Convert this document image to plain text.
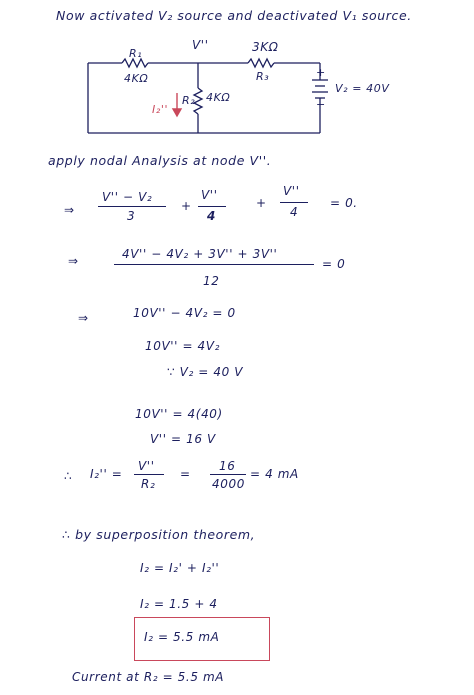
Now activated V₂ source and deactivated V₁ source.
V''
R₁
4KΩ
3KΩ
R₃
R₂ 4KΩ
I₂''
V₂ = 40V
+
−
apply nodal Analysis at node V''.
⇒
V'' − V₂
3
+
V''
4
+
V''
4
= 0.
⇒	4V'' − 4V₂ + 3V'' + 3V''
12
= 0
⇒	10V'' − 4V₂ = 0
10V'' = 4V₂
∵ V₂ = 40 V
10V'' = 4(40)
V'' = 16 V
∴ I₂'' =
V''
R₂
=
16
4000
= 4 mA
∴ by superposition theorem,
I₂ = I₂' + I₂''
I₂ = 1.5 + 4
I₂ = 5.5 mA
Current at R₂ = 5.5 mA
